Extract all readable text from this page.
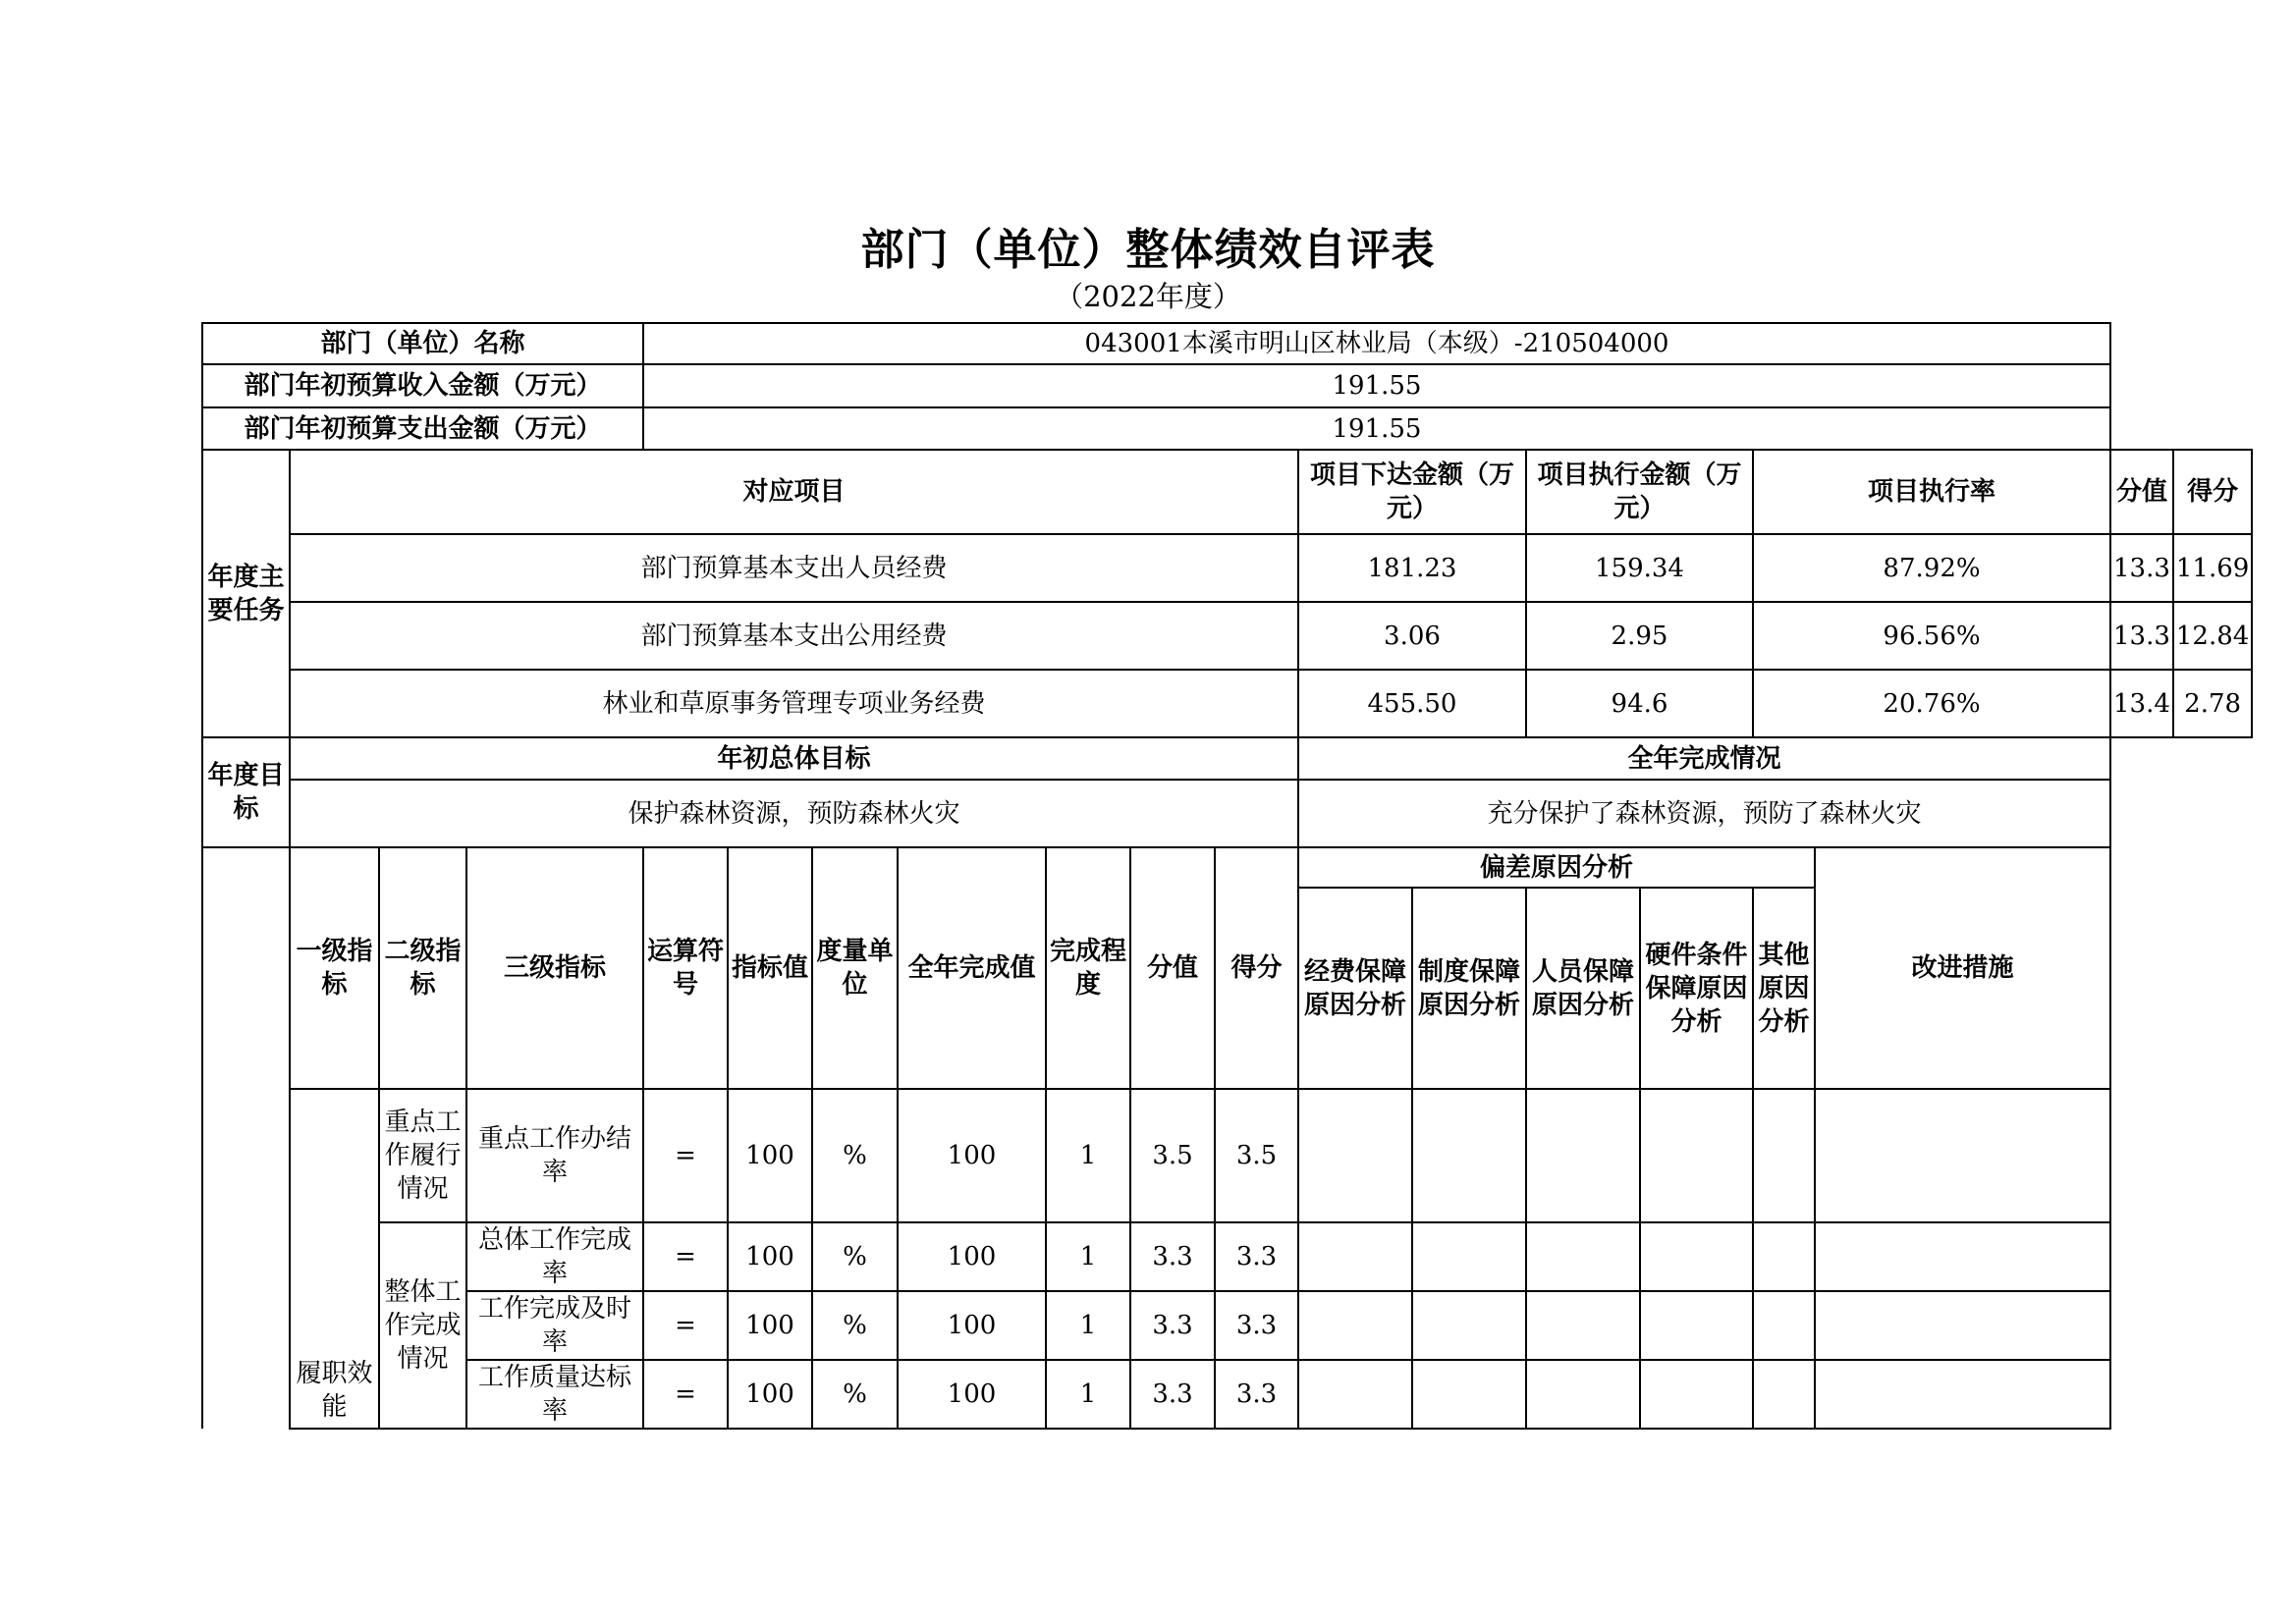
部门（单位）整体绩效自评表
（2022年度）
部门（单位）名称				043001本溪市明山区林业局（本级）-210504000														
部门年初预算收入金额（万元）				191.55														
部门年初预算支出金额（万元）				191.55														
年度主要任务	对应项目										项目下达金额（万元）		项目执行金额（万元）		项目执行率		分值	得分
	部门预算基本支出人员经费										181.23		159.34		87.92%		13.3	11.69
	部门预算基本支出公用经费										3.06		2.95		96.56%		13.3	12.84
	林业和草原事务管理专项业务经费										455.50		94.6		20.76%		13.4	2.78
年度目标	年初总体目标										全年完成情况							
	保护森林资源，预防森林火灾										充分保护了森林资源，预防了森林火灾							
	一级指标	二级指标	三级指标	运算符号	指标值	度量单位	全年完成值	完成程度	分值	得分	偏差原因分析					改进措施		
											经费保障原因分析	制度保障原因分析	人员保障原因分析	硬件条件保障原因分析	其他原因分析			
	履职效能	重点工作履行情况	重点工作办结率	=	100	%	100	1	3.5	3.5								
		整体工作完成情况	总体工作完成率	=	100	%	100	1	3.3	3.3								
			工作完成及时率	=	100	%	100	1	3.3	3.3								
			工作质量达标率	=	100	%	100	1	3.3	3.3								
